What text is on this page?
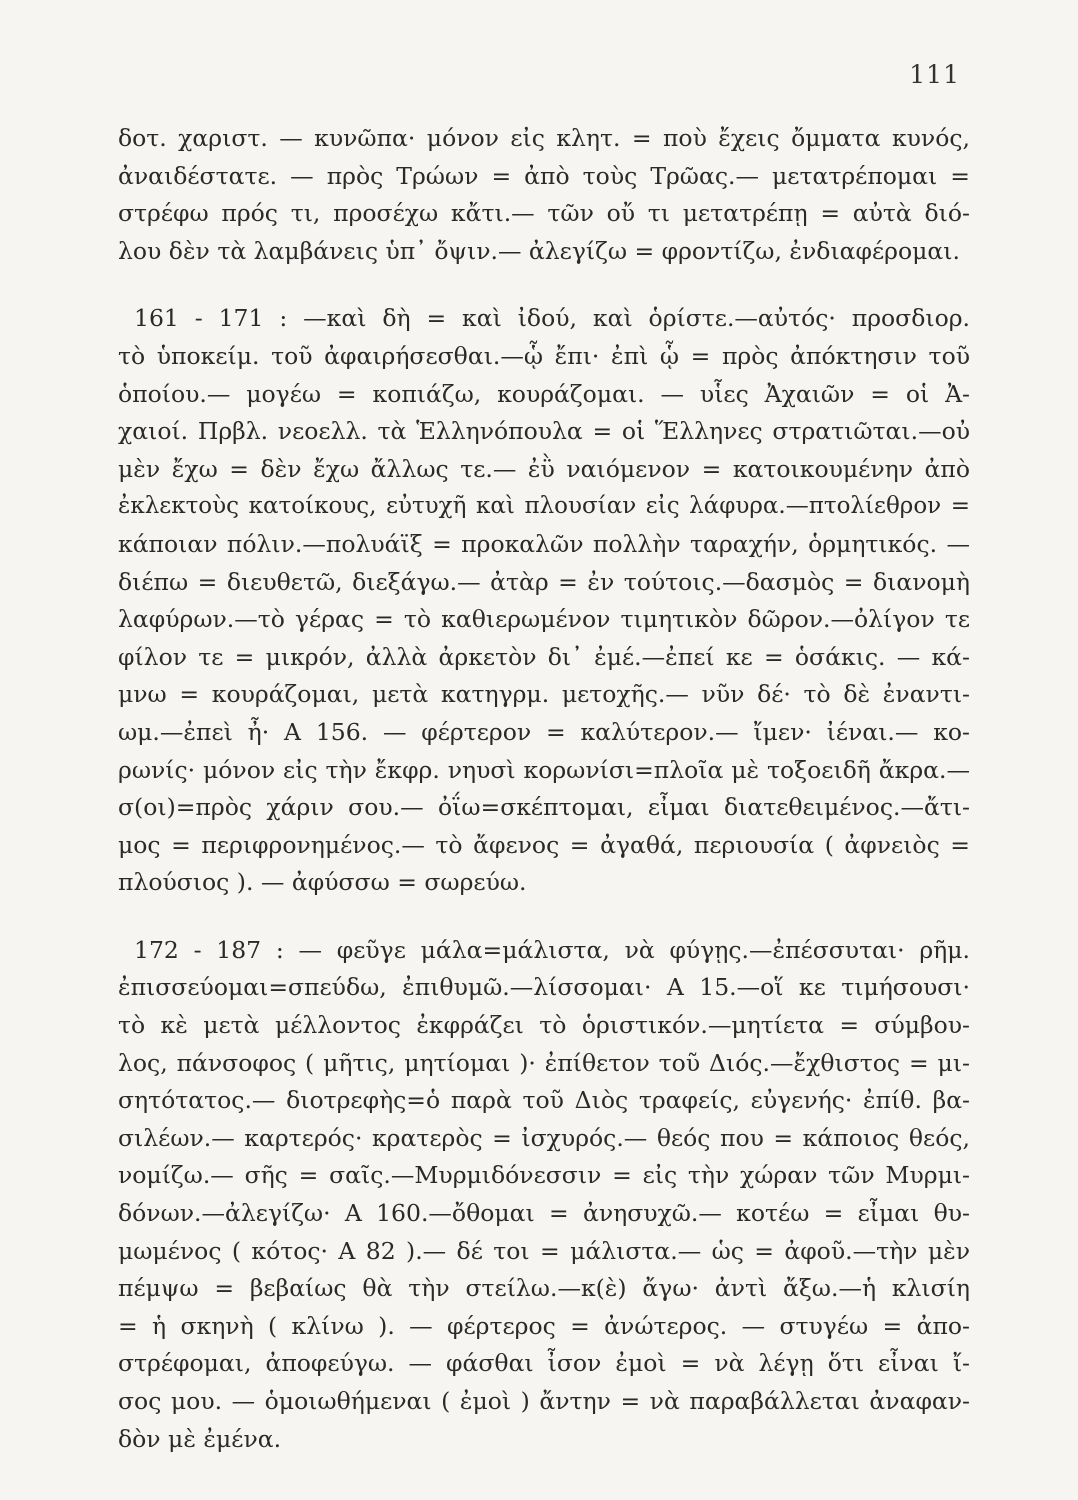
111
δοτ. χαριστ. — κυνῶπα· μόνον εἰς κλητ. = ποὺ ἔχεις ὄμματα κυνός,
ἀναιδέστατε. — πρὸς Τρώων = ἀπὸ τοὺς Τρῶας.— μετατρέπομαι =
στρέφω πρός τι, προσέχω κἄτι.— τῶν οὔ τι μετατρέπῃ = αὐτὰ διό-
λου δὲν τὰ λαμβάνεις ὑπ᾽ ὄψιν.— ἀλεγίζω = φροντίζω, ἐνδιαφέρομαι.
161 - 171 : —καὶ δὴ = καὶ ἰδού, καὶ ὁρίστε.—αὐτός· προσδιορ.
τὸ ὑποκείμ. τοῦ ἀφαιρήσεσθαι.—ᾧ ἔπι· ἐπὶ ᾧ = πρὸς ἀπόκτησιν τοῦ
ὁποίου.— μογέω = κοπιάζω, κουράζομαι. — υἷες Ἀχαιῶν = οἱ Ἀ-
χαιοί. Πρβλ. νεοελλ. τὰ Ἑλληνόπουλα = οἱ Ἕλληνες στρατιῶται.—οὐ
μὲν ἔχω = δὲν ἔχω ἄλλως τε.— ἐῢ ναιόμενον = κατοικουμένην ἀπὸ
ἐκλεκτοὺς κατοίκους, εὐτυχῆ καὶ πλουσίαν εἰς λάφυρα.—πτολίεθρον =
κάποιαν πόλιν.—πολυάϊξ = προκαλῶν πολλὴν ταραχήν, ὁρμητικός. —
διέπω = διευθετῶ, διεξάγω.— ἀτὰρ = ἐν τούτοις.—δασμὸς = διανομὴ
λαφύρων.—τὸ γέρας = τὸ καθιερωμένον τιμητικὸν δῶρον.—ὀλίγον τε
φίλον τε = μικρόν, ἀλλὰ ἀρκετὸν δι᾽ ἐμέ.—ἐπεί κε = ὁσάκις. — κά-
μνω = κουράζομαι, μετὰ κατηγρμ. μετοχῆς.— νῦν δέ· τὸ δὲ ἐναντι-
ωμ.—ἐπεὶ ἦ· Α 156. — φέρτερον = καλύτερον.— ἴμεν· ἰέναι.— κο-
ρωνίς· μόνον εἰς τὴν ἔκφρ. νηυσὶ κορωνίσι=πλοῖα μὲ τοξοειδῆ ἄκρα.—
σ(οι)=πρὸς χάριν σου.— ὀΐω=σκέπτομαι, εἶμαι διατεθειμένος.—ἄτι-
μος = περιφρονημένος.— τὸ ἄφενος = ἀγαθά, περιουσία ( ἀφνειὸς =
πλούσιος ). — ἀφύσσω = σωρεύω.
172 - 187 : — φεῦγε μάλα=μάλιστα, νὰ φύγῃς.—ἐπέσσυται· ρῆμ.
ἐπισσεύομαι=σπεύδω, ἐπιθυμῶ.—λίσσομαι· Α 15.—οἵ κε τιμήσουσι·
τὸ κὲ μετὰ μέλλοντος ἐκφράζει τὸ ὁριστικόν.—μητίετα = σύμβου-
λος, πάνσοφος ( μῆτις, μητίομαι )· ἐπίθετον τοῦ Διός.—ἔχθιστος = μι-
σητότατος.— διοτρεφὴς=ὁ παρὰ τοῦ Διὸς τραφείς, εὐγενής· ἐπίθ. βα-
σιλέων.— καρτερός· κρατερὸς = ἰσχυρός.— θεός που = κάποιος θεός,
νομίζω.— σῆς = σαῖς.—Μυρμιδόνεσσιν = εἰς τὴν χώραν τῶν Μυρμι-
δόνων.—ἀλεγίζω· Α 160.—ὄθομαι = ἀνησυχῶ.— κοτέω = εἶμαι θυ-
μωμένος ( κότος· Α 82 ).— δέ τοι = μάλιστα.— ὡς = ἀφοῦ.—τὴν μὲν
πέμψω = βεβαίως θὰ τὴν στείλω.—κ(ὲ) ἄγω· ἀντὶ ἄξω.—ἡ κλισίη
= ἡ σκηνὴ ( κλίνω ). — φέρτερος = ἀνώτερος. — στυγέω = ἀπο-
στρέφομαι, ἀποφεύγω. — φάσθαι ἶσον ἐμοὶ = νὰ λέγῃ ὅτι εἶναι ἴ-
σος μου. — ὁμοιωθήμεναι ( ἐμοὶ ) ἄντην = νὰ παραβάλλεται ἀναφαν-
δὸν μὲ ἐμένα.
